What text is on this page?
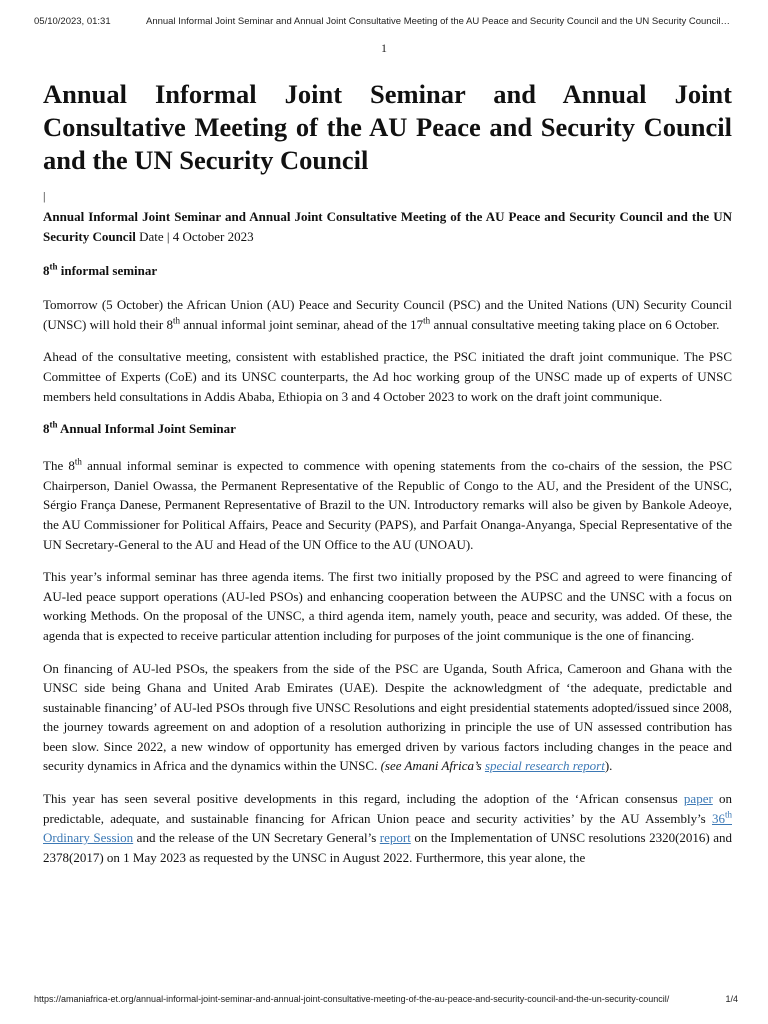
05/10/2023, 01:31	Annual Informal Joint Seminar and Annual Joint Consultative Meeting of the AU Peace and Security Council and the UN Security Council…
1
Annual Informal Joint Seminar and Annual Joint Consultative Meeting of the AU Peace and Security Council and the UN Security Council
|

Annual Informal Joint Seminar and Annual Joint Consultative Meeting of the AU Peace and Security Council and the UN Security Council Date | 4 October 2023

8th informal seminar

Tomorrow (5 October) the African Union (AU) Peace and Security Council (PSC) and the United Nations (UN) Security Council (UNSC) will hold their 8th annual informal joint seminar, ahead of the 17th annual consultative meeting taking place on 6 October.

Ahead of the consultative meeting, consistent with established practice, the PSC initiated the draft joint communique. The PSC Committee of Experts (CoE) and its UNSC counterparts, the Ad hoc working group of the UNSC made up of experts of UNSC members held consultations in Addis Ababa, Ethiopia on 3 and 4 October 2023 to work on the draft joint communique.

8th Annual Informal Joint Seminar

The 8th annual informal seminar is expected to commence with opening statements from the co-chairs of the session, the PSC Chairperson, Daniel Owassa, the Permanent Representative of the Republic of Congo to the AU, and the President of the UNSC, Sérgio França Danese, Permanent Representative of Brazil to the UN. Introductory remarks will also be given by Bankole Adeoye, the AU Commissioner for Political Affairs, Peace and Security (PAPS), and Parfait Onanga-Anyanga, Special Representative of the UN Secretary-General to the AU and Head of the UN Office to the AU (UNOAU).

This year’s informal seminar has three agenda items. The first two initially proposed by the PSC and agreed to were financing of AU-led peace support operations (AU-led PSOs) and enhancing cooperation between the AUPSC and the UNSC with a focus on working Methods. On the proposal of the UNSC, a third agenda item, namely youth, peace and security, was added. Of these, the agenda that is expected to receive particular attention including for purposes of the joint communique is the one of financing.

On financing of AU-led PSOs, the speakers from the side of the PSC are Uganda, South Africa, Cameroon and Ghana with the UNSC side being Ghana and United Arab Emirates (UAE). Despite the acknowledgment of ‘the adequate, predictable and sustainable financing’ of AU-led PSOs through five UNSC Resolutions and eight presidential statements adopted/issued since 2008, the journey towards agreement on and adoption of a resolution authorizing in principle the use of UN assessed contribution has been slow. Since 2022, a new window of opportunity has emerged driven by various factors including changes in the peace and security dynamics in Africa and the dynamics within the UNSC. (see Amani Africa’s special research report).

This year has seen several positive developments in this regard, including the adoption of the ‘African consensus paper on predictable, adequate, and sustainable financing for African Union peace and security activities’ by the AU Assembly’s 36th Ordinary Session and the release of the UN Secretary General’s report on the Implementation of UNSC resolutions 2320(2016) and 2378(2017) on 1 May 2023 as requested by the UNSC in August 2022. Furthermore, this year alone, the

https://amaniafrica-et.org/annual-informal-joint-seminar-and-annual-joint-consultative-meeting-of-the-au-peace-and-security-council-and-the-un-security-council/	1/4
